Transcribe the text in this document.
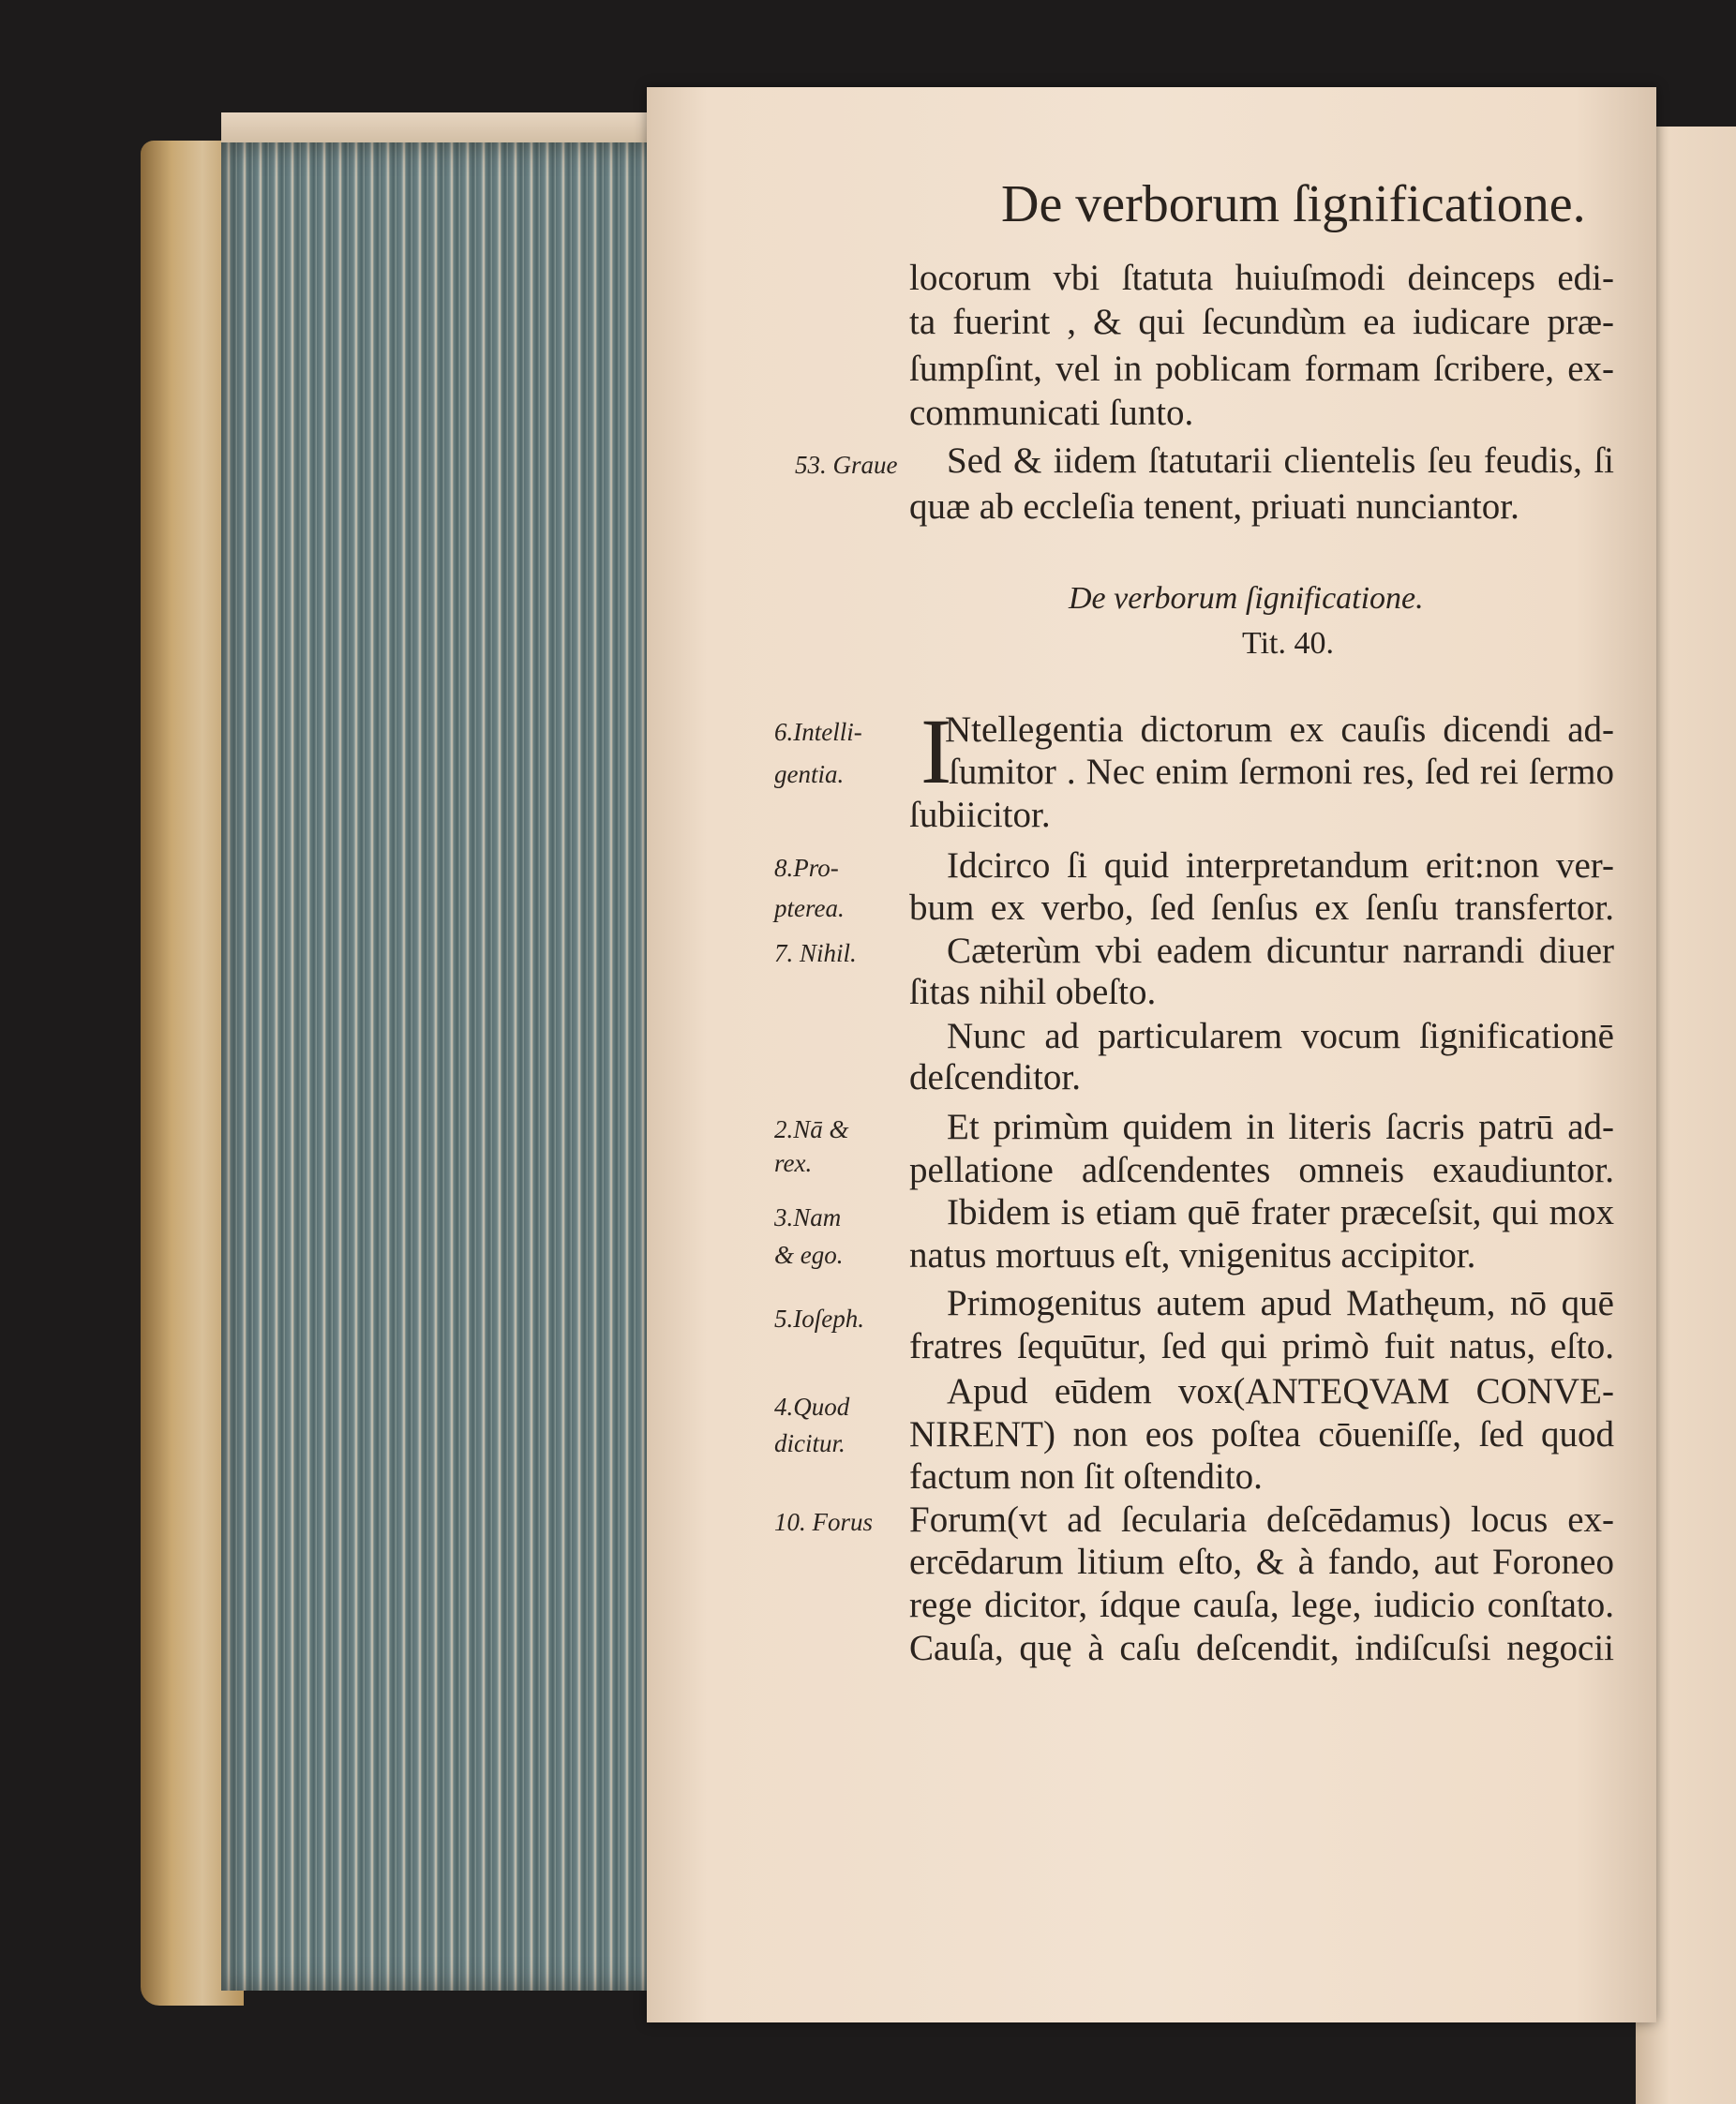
De verborum ſignificatione.
locorum vbi ſtatuta huiuſmodi deinceps edi-
ta fuerint , & qui ſecundùm ea iudicare præ-
ſumpſint, vel in poblicam formam ſcribere, ex-
communicati ſunto.
Sed & iidem ſtatutarii clientelis ſeu feudis, ſi
quæ ab eccleſia tenent, priuati nunciantor.
De verborum ſignificatione.
Tit. 40.
I
Ntellegentia dictorum ex cauſis dicendi ad-
ſumitor . Nec enim ſermoni res, ſed rei ſermo
ſubiicitor.
Idcirco ſi quid interpretandum erit:non ver-
bum ex verbo, ſed ſenſus ex ſenſu transfertor.
Cæterùm vbi eadem dicuntur narrandi diuer
ſitas nihil obeſto.
Nunc ad particularem vocum ſignificationē
deſcenditor.
Et primùm quidem in literis ſacris patrū ad-
pellatione adſcendentes omneis exaudiuntor.
Ibidem is etiam quē frater præceſsit, qui mox
natus mortuus eſt, vnigenitus accipitor.
Primogenitus autem apud Mathęum, nō quē
fratres ſequūtur, ſed qui primò fuit natus, eſto.
Apud eūdem vox(ANTEQVAM CONVE-
NIRENT) non eos poſtea cōueniſſe, ſed quod
factum non ſit oſtendito.
Forum(vt ad ſecularia deſcēdamus) locus ex-
ercēdarum litium eſto, & à fando, aut Foroneo
rege dicitor, ídque cauſa, lege, iudicio conſtato.
Cauſa, quę à caſu deſcendit, indiſcuſsi negocii
53. Graue
6.Intelli-
gentia.
8.Pro-
pterea.
7. Nihil.
2.Nā &
rex.
3.Nam
& ego.
5.Ioſeph.
4.Quod
dicitur.
10. Forus
